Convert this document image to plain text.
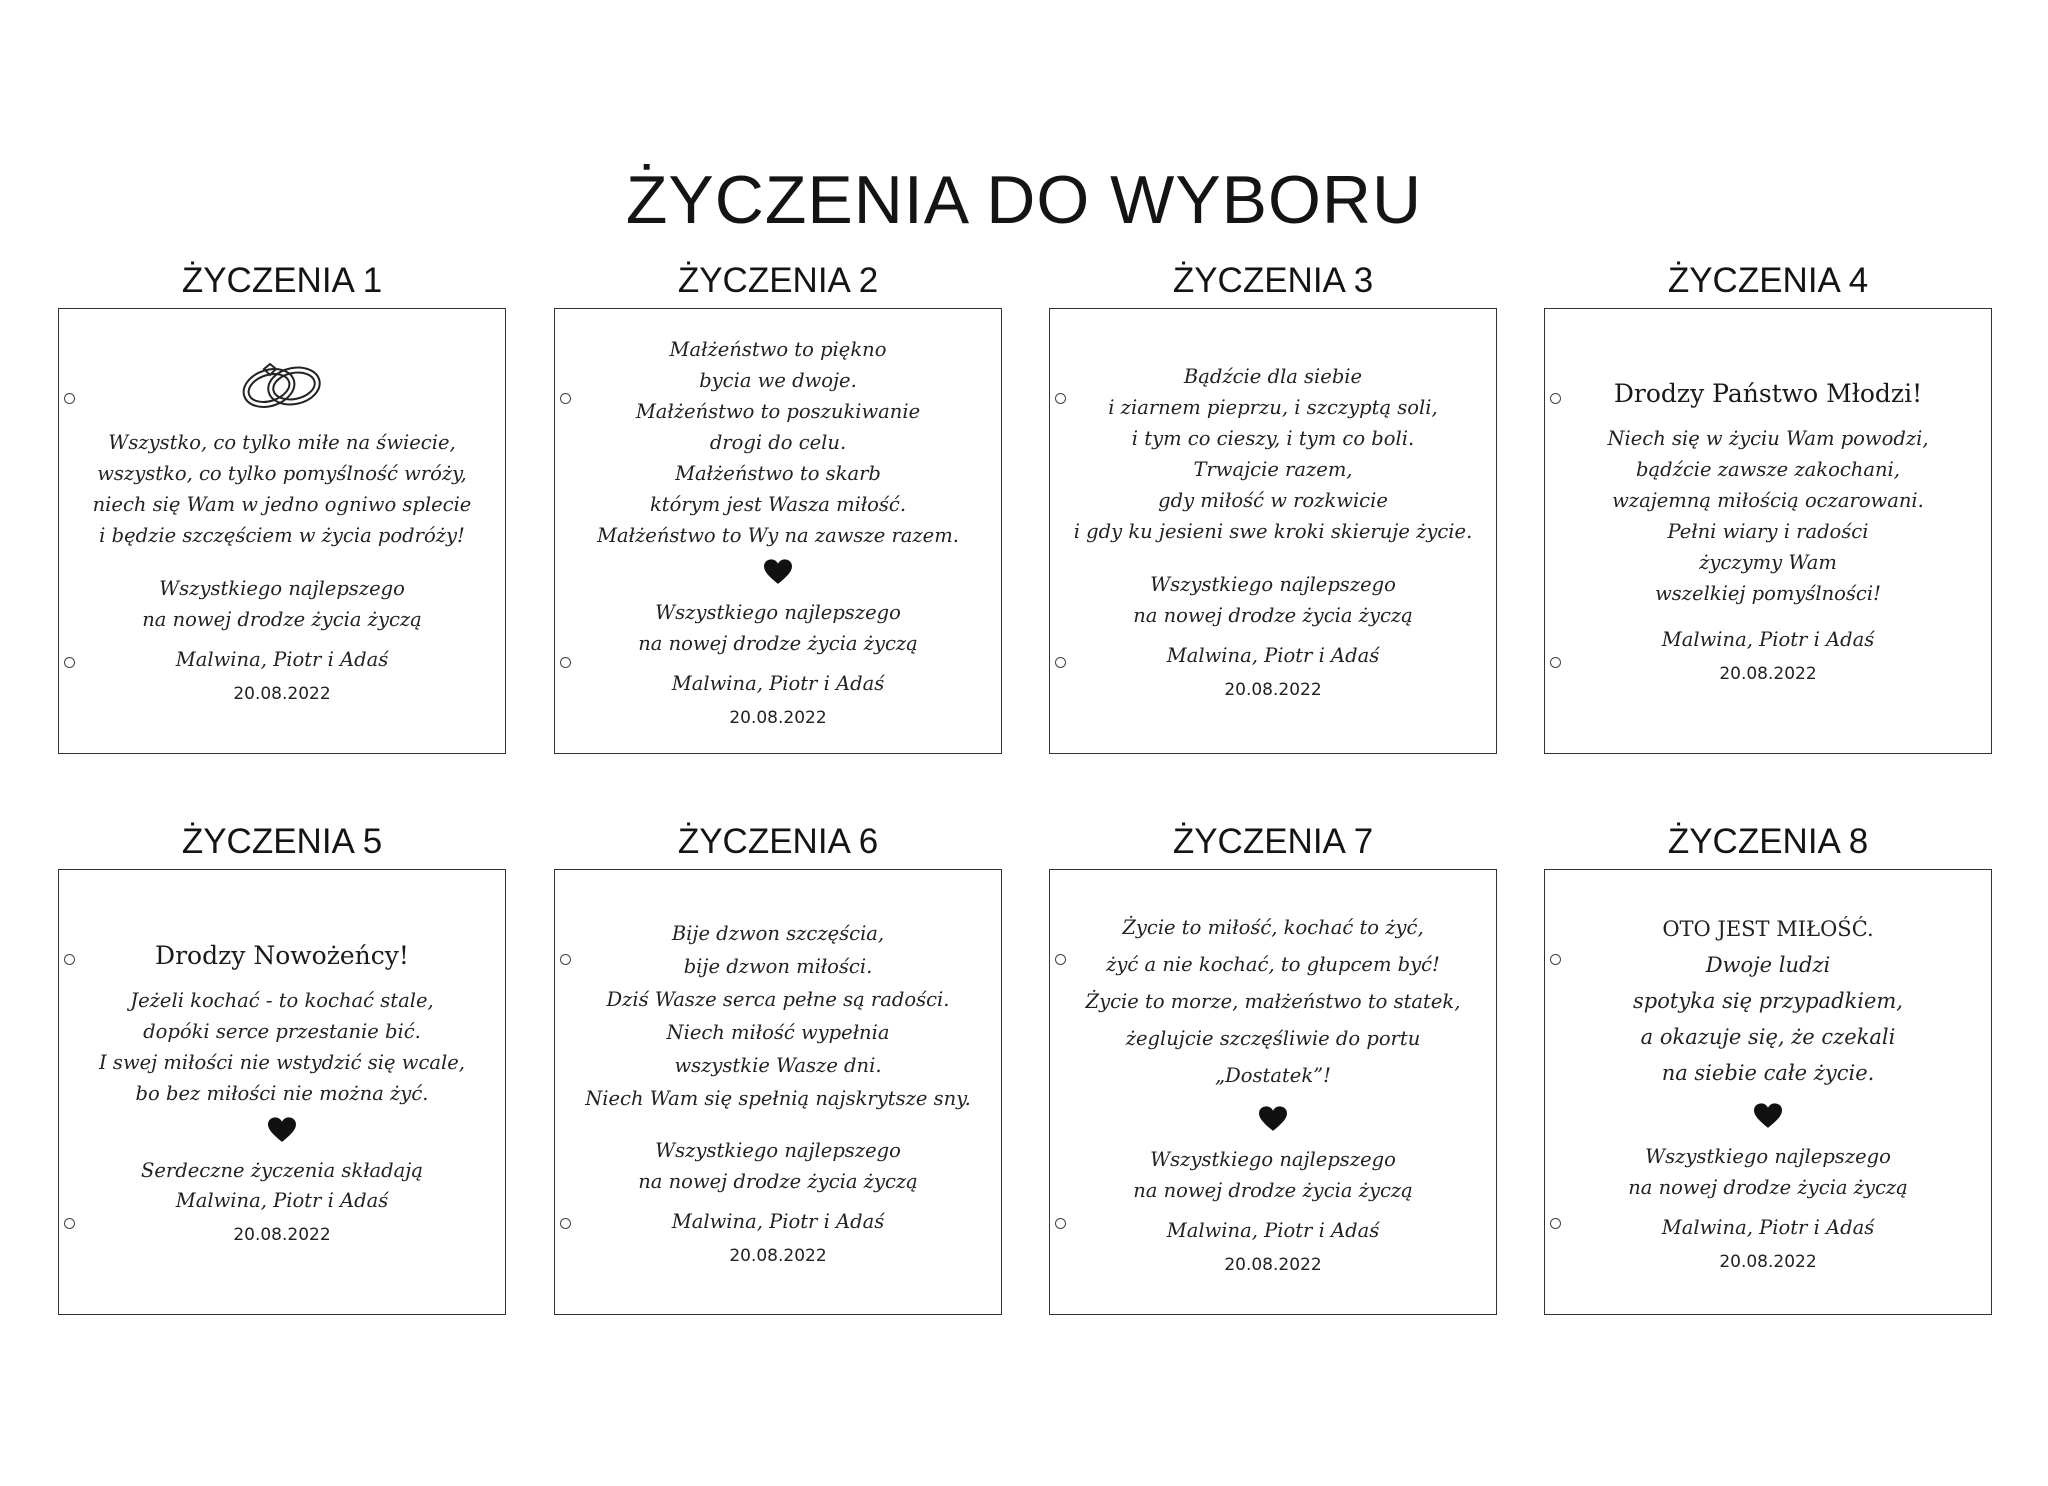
ŻYCZENIA DO WYBORU
ŻYCZENIA 1
Wszystko, co tylko miłe na świecie,
wszystko, co tylko pomyślność wróży,
niech się Wam w jedno ogniwo splecie
i będzie szczęściem w życia podróży!
Wszystkiego najlepszego
na nowej drodze życia życzą
Malwina, Piotr i Adaś
20.08.2022
ŻYCZENIA 2
Małżeństwo to piękno
bycia we dwoje.
Małżeństwo to poszukiwanie
drogi do celu.
Małżeństwo to skarb
którym jest Wasza miłość.
Małżeństwo to Wy na zawsze razem.
Wszystkiego najlepszego
na nowej drodze życia życzą
Malwina, Piotr i Adaś
20.08.2022
ŻYCZENIA 3
Bądźcie dla siebie
i ziarnem pieprzu, i szczyptą soli,
i tym co cieszy, i tym co boli.
Trwajcie razem,
gdy miłość w rozkwicie
i gdy ku jesieni swe kroki skieruje życie.
Wszystkiego najlepszego
na nowej drodze życia życzą
Malwina, Piotr i Adaś
20.08.2022
ŻYCZENIA 4
Drodzy Państwo Młodzi!
Niech się w życiu Wam powodzi,
bądźcie zawsze zakochani,
wzajemną miłością oczarowani.
Pełni wiary i radości
życzymy Wam
wszelkiej pomyślności!
Malwina, Piotr i Adaś
20.08.2022
ŻYCZENIA 5
Drodzy Nowożeńcy!
Jeżeli kochać - to kochać stale,
dopóki serce przestanie bić.
I swej miłości nie wstydzić się wcale,
bo bez miłości nie można żyć.
Serdeczne życzenia składają
Malwina, Piotr i Adaś
20.08.2022
ŻYCZENIA 6
Bije dzwon szczęścia,
bije dzwon miłości.
Dziś Wasze serca pełne są radości.
Niech miłość wypełnia
wszystkie Wasze dni.
Niech Wam się spełnią najskrytsze sny.
Wszystkiego najlepszego
na nowej drodze życia życzą
Malwina, Piotr i Adaś
20.08.2022
ŻYCZENIA 7
Życie to miłość, kochać to żyć,
żyć a nie kochać, to głupcem być!
Życie to morze, małżeństwo to statek,
żeglujcie szczęśliwie do portu „Dostatek”!
Wszystkiego najlepszego
na nowej drodze życia życzą
Malwina, Piotr i Adaś
20.08.2022
ŻYCZENIA 8
OTO JEST MIŁOŚĆ.
Dwoje ludzi
spotyka się przypadkiem,
a okazuje się, że czekali
na siebie całe życie.
Wszystkiego najlepszego
na nowej drodze życia życzą
Malwina, Piotr i Adaś
20.08.2022
